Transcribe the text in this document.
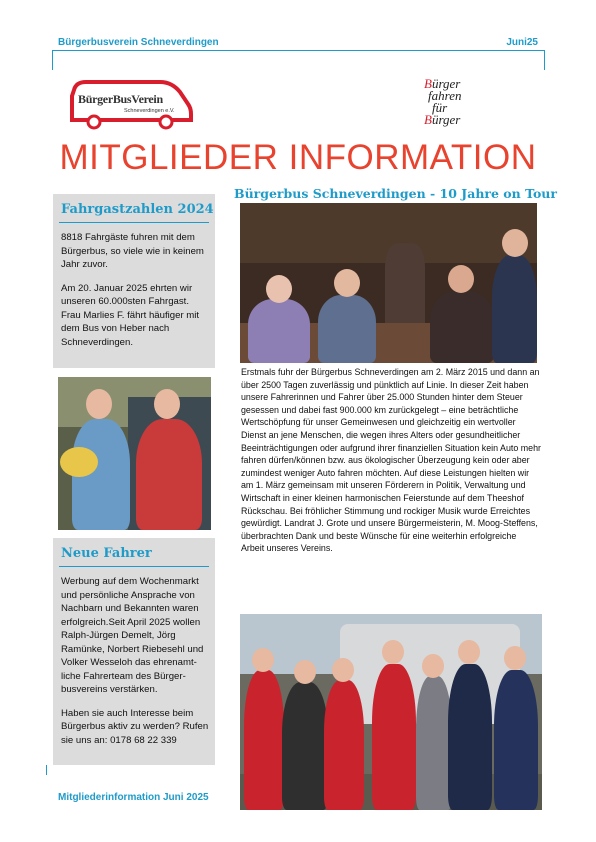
Bürgerbusverein Schneverdingen	Juni25
BürgerBusVerein
Schneverdingen e.V.
Bürger
fahren
für
Bürger
MITGLIEDER INFORMATION
Fahrgastzahlen 2024

8818 Fahrgäste fuhren mit dem Bürgerbus, so viele wie in keinem Jahr zuvor.

Am 20. Januar 2025 ehrten wir unseren 60.000sten Fahrgast. Frau Marlies F. fährt häufiger mit dem Bus von Heber nach Schneverdingen.

Neue Fahrer

Werbung auf dem Wochenmarkt und persönliche Ansprache von Nachbarn und Bekannten waren erfolgreich.Seit April 2025 wollen Ralph-Jürgen Demelt, Jörg Ramünke, Norbert Riebesehl und Volker Wesseloh das ehrenamt-liche Fahrerteam des Bürger-busvereins verstärken.

Haben sie auch Interesse beim Bürgerbus aktiv zu werden? Rufen sie uns an: 0178 68 22 339

Bürgerbus Schneverdingen - 10 Jahre on Tour
Erstmals fuhr der Bürgerbus Schneverdingen am 2. März 2015 und dann an über 2500 Tagen zuverlässig und pünktlich auf Linie. In dieser Zeit haben unsere Fahrerinnen und Fahrer über 25.000 Stunden hinter dem Steuer gesessen und dabei fast 900.000 km zurückgelegt – eine beträchtliche Wertschöpfung für unser Gemeinwesen und gleichzeitig ein wertvoller Dienst an jene Menschen, die wegen ihres Alters oder gesundheitlicher Beeinträchtigungen oder aufgrund ihrer finanziellen Situation kein Auto mehr fahren dürfen/können bzw. aus ökologischer Überzeugung kein oder aber zumindest weniger Auto fahren möchten. Auf diese Leistungen hielten wir am 1. März gemeinsam mit unseren Förderern in Politik, Verwaltung und Wirtschaft in einer kleinen harmonischen Feierstunde auf dem Theeshof Rückschau. Bei fröhlicher Stimmung und rockiger Musik wurde Erreichtes gewürdigt. Landrat J. Grote und unsere Bürgermeisterin, M. Moog-Steffens, überbrachten Dank und beste Wünsche für eine weiterhin erfolgreiche Arbeit unseres Vereins.
Mitgliederinformation Juni 2025
